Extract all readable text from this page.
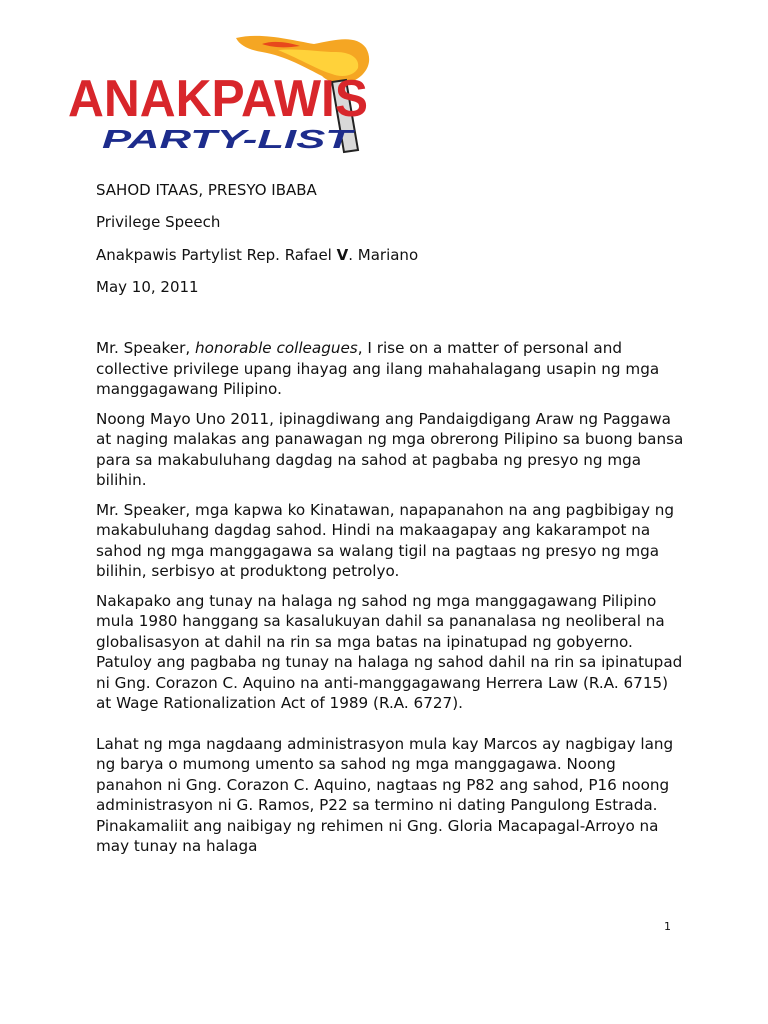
ANAKPAWIS
PARTY-LIST

SAHOD ITAAS, PRESYO IBABA

Privilege Speech

Anakpawis Partylist Rep. Rafael V. Mariano

May 10, 2011

Mr. Speaker, honorable colleagues, I rise on a matter of personal and collective privilege upang ihayag ang ilang mahahalagang usapin ng mga manggagawang Pilipino.

Noong Mayo Uno 2011, ipinagdiwang ang Pandaigdigang Araw ng Paggawa at naging malakas ang panawagan ng mga obrerong Pilipino sa buong bansa para sa makabuluhang dagdag na sahod at pagbaba ng presyo ng mga bilihin.

Mr. Speaker, mga kapwa ko Kinatawan, napapanahon na ang pagbibigay ng makabuluhang dagdag sahod. Hindi na makaagapay ang kakarampot na sahod ng mga manggagawa sa walang tigil na pagtaas ng presyo ng mga bilihin, serbisyo at produktong petrolyo.

Nakapako ang tunay na halaga ng sahod ng mga manggagawang Pilipino mula 1980 hanggang sa kasalukuyan dahil sa pananalasa ng neoliberal na globalisasyon at dahil na rin sa mga batas na ipinatupad ng gobyerno. Patuloy ang pagbaba ng tunay na halaga ng sahod dahil na rin sa ipinatupad ni Gng. Corazon C. Aquino na anti-manggagawang Herrera Law (R.A. 6715) at Wage Rationalization Act of 1989 (R.A. 6727).

Lahat ng mga nagdaang administrasyon mula kay Marcos ay nagbigay lang ng barya o mumong umento sa sahod ng mga manggagawa. Noong panahon ni Gng. Corazon C. Aquino, nagtaas ng P82 ang sahod, P16 noong administrasyon ni G. Ramos, P22 sa termino ni dating Pangulong Estrada. Pinakamaliit ang naibigay ng rehimen ni Gng. Gloria Macapagal-Arroyo na may tunay na halaga

1
